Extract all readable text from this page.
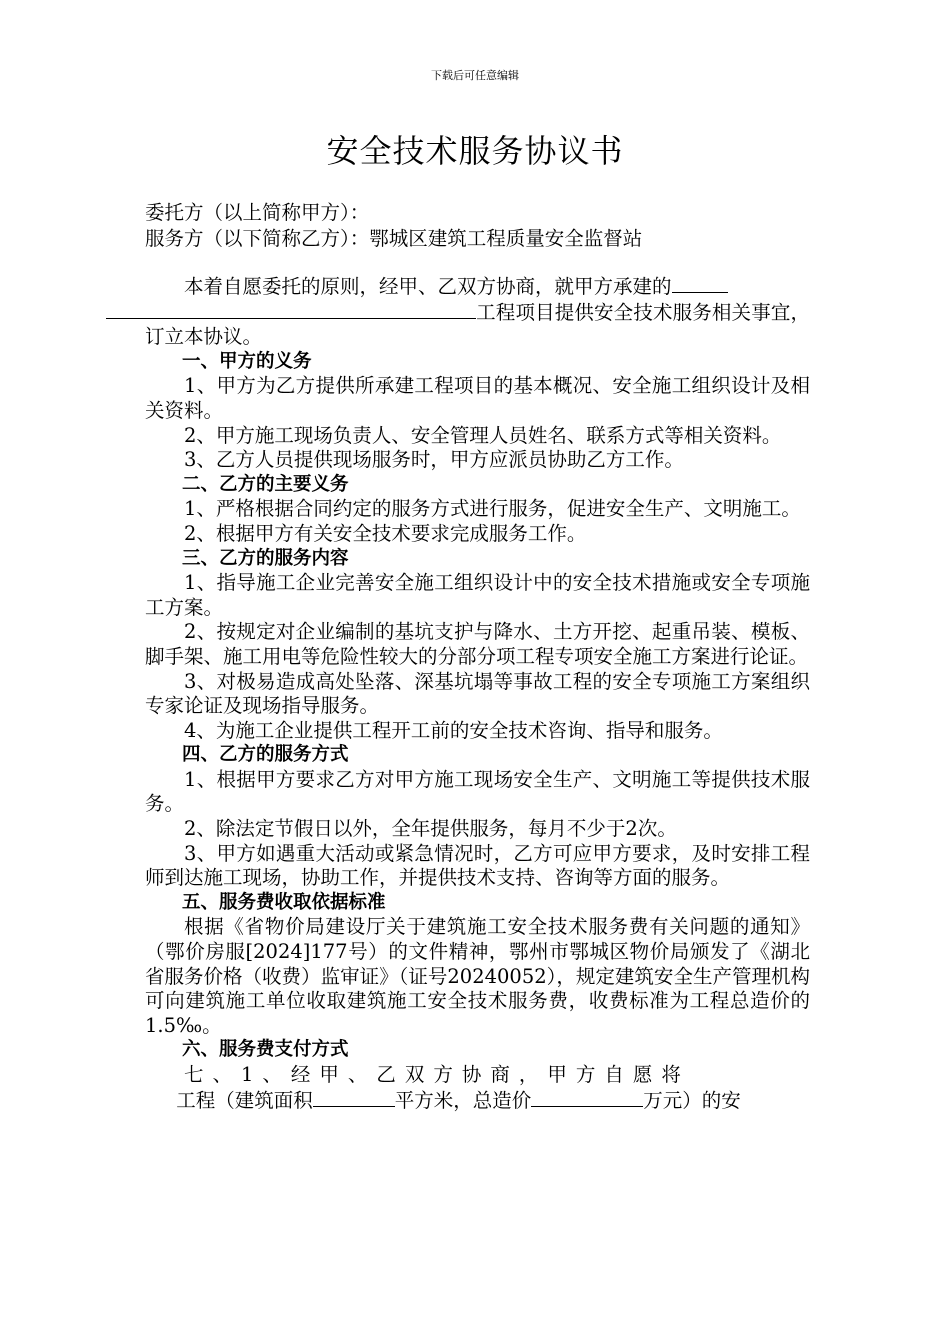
下载后可任意编辑
安全技术服务协议书
委托方（以上简称甲方）：
服务方（以下简称乙方）：鄂城区建筑工程质量安全监督站

本着自愿委托的原则，经甲、乙双方协商，就甲方承建的
工程项目提供安全技术服务相关事宜，订立本协议。

一、甲方的义务

1、甲方为乙方提供所承建工程项目的基本概况、安全施工组织设计及相关资料。

2、甲方施工现场负责人、安全管理人员姓名、联系方式等相关资料。

3、乙方人员提供现场服务时，甲方应派员协助乙方工作。

二、乙方的主要义务

1、严格根据合同约定的服务方式进行服务，促进安全生产、文明施工。

2、根据甲方有关安全技术要求完成服务工作。

三、乙方的服务内容

1、指导施工企业完善安全施工组织设计中的安全技术措施或安全专项施工方案。

2、按规定对企业编制的基坑支护与降水、土方开挖、起重吊装、模板、脚手架、施工用电等危险性较大的分部分项工程专项安全施工方案进行论证。

3、对极易造成高处坠落、深基坑塌等事故工程的安全专项施工方案组织专家论证及现场指导服务。

4、为施工企业提供工程开工前的安全技术咨询、指导和服务。

四、乙方的服务方式

1、根据甲方要求乙方对甲方施工现场安全生产、文明施工等提供技术服务。

2、除法定节假日以外，全年提供服务，每月不少于2次。

3、甲方如遇重大活动或紧急情况时，乙方可应甲方要求，及时安排工程师到达施工现场，协助工作，并提供技术支持、咨询等方面的服务。

五、服务费收取依据标准

根据《省物价局建设厅关于建筑施工安全技术服务费有关问题的通知》（鄂价房服[2024]177号）的文件精神，鄂州市鄂城区物价局颁发了《湖北省服务价格（收费）监审证》（证号20240052），规定建筑安全生产管理机构可向建筑施工单位收取建筑施工安全技术服务费，收费标准为工程总造价的1.5‰。

六、服务费支付方式

七、1、经甲、乙双方协商，甲方自愿将

工程（建筑面积	平方米，总造价	万元）的安
